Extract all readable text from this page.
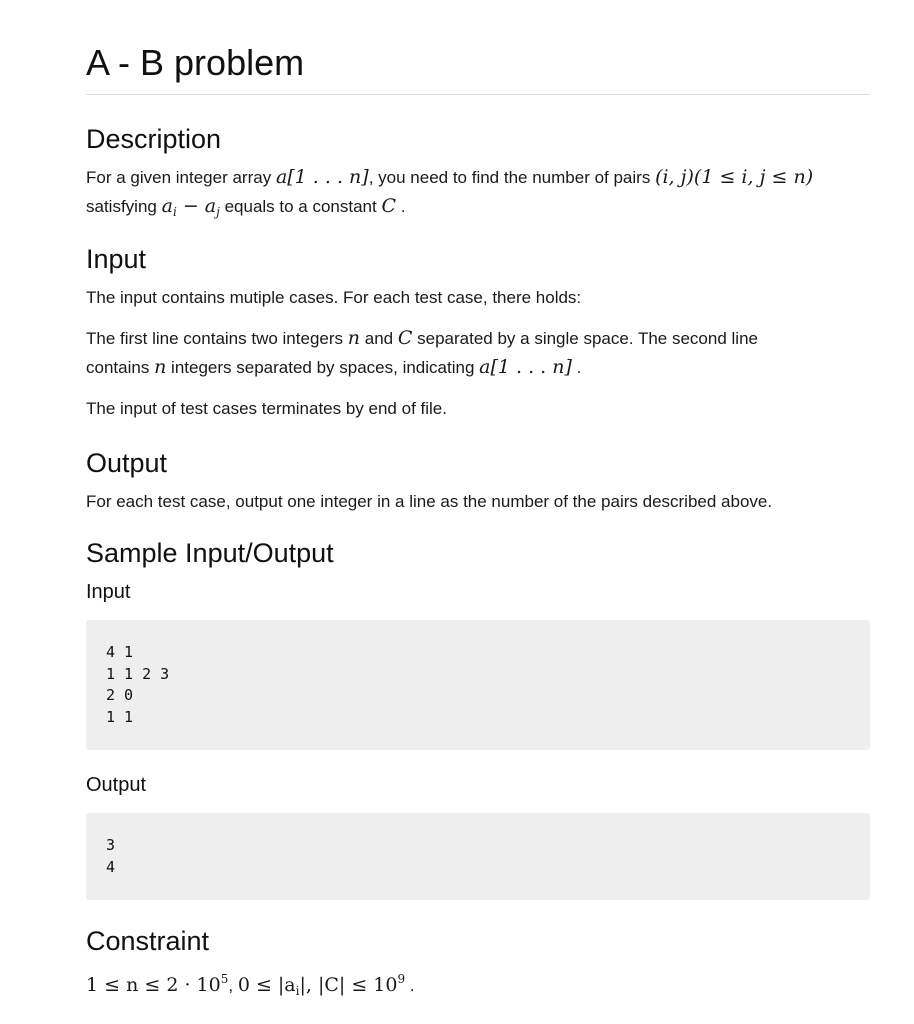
A - B problem
Description

For a given integer array a[1 . . . n], you need to find the number of pairs (i, j)(1 ≤ i, j ≤ n)
satisfying $a_i - a_j$ equals to a constant C .

Input

The input contains mutiple cases. For each test case, there holds:

The first line contains two integers n and C separated by a single space. The second line
contains n integers separated by spaces, indicating a[1 . . . n] .

The input of test cases terminates by end of file.

Output

For each test case, output one integer in a line as the number of the pairs described above.

Sample Input/Output
Input
4 1
1 1 2 3
2 0
1 1
Output
3
4
Constraint

$1 \le n \le 2 \cdot 10^5$, $0 \le |a_i|$, $|C| \le 10^9$ .
